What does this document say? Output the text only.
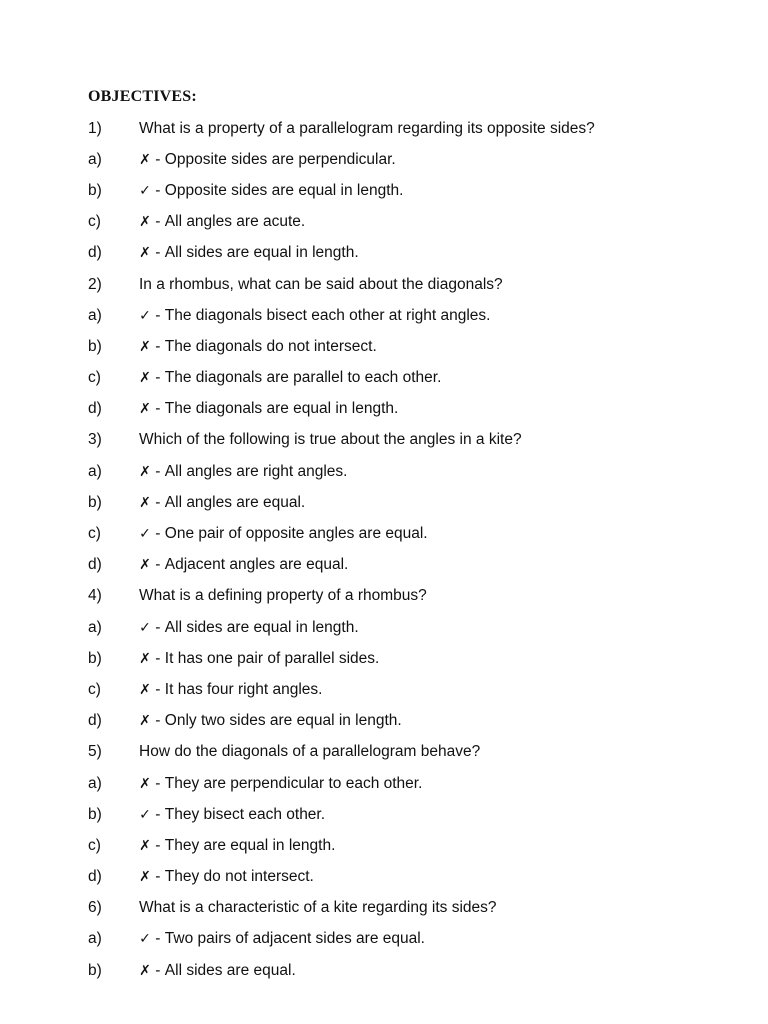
OBJECTIVES:
1)	What is a property of a parallelogram regarding its opposite sides?
a)	✗ - Opposite sides are perpendicular.
b)	✓ - Opposite sides are equal in length.
c)	✗ - All angles are acute.
d)	✗ - All sides are equal in length.
2)	In a rhombus, what can be said about the diagonals?
a)	✓ - The diagonals bisect each other at right angles.
b)	✗ - The diagonals do not intersect.
c)	✗ - The diagonals are parallel to each other.
d)	✗ - The diagonals are equal in length.
3)	Which of the following is true about the angles in a kite?
a)	✗ - All angles are right angles.
b)	✗ - All angles are equal.
c)	✓ - One pair of opposite angles are equal.
d)	✗ - Adjacent angles are equal.
4)	What is a defining property of a rhombus?
a)	✓ - All sides are equal in length.
b)	✗ - It has one pair of parallel sides.
c)	✗ - It has four right angles.
d)	✗ - Only two sides are equal in length.
5)	How do the diagonals of a parallelogram behave?
a)	✗ - They are perpendicular to each other.
b)	✓ - They bisect each other.
c)	✗ - They are equal in length.
d)	✗ - They do not intersect.
6)	What is a characteristic of a kite regarding its sides?
a)	✓ - Two pairs of adjacent sides are equal.
b)	✗ - All sides are equal.
